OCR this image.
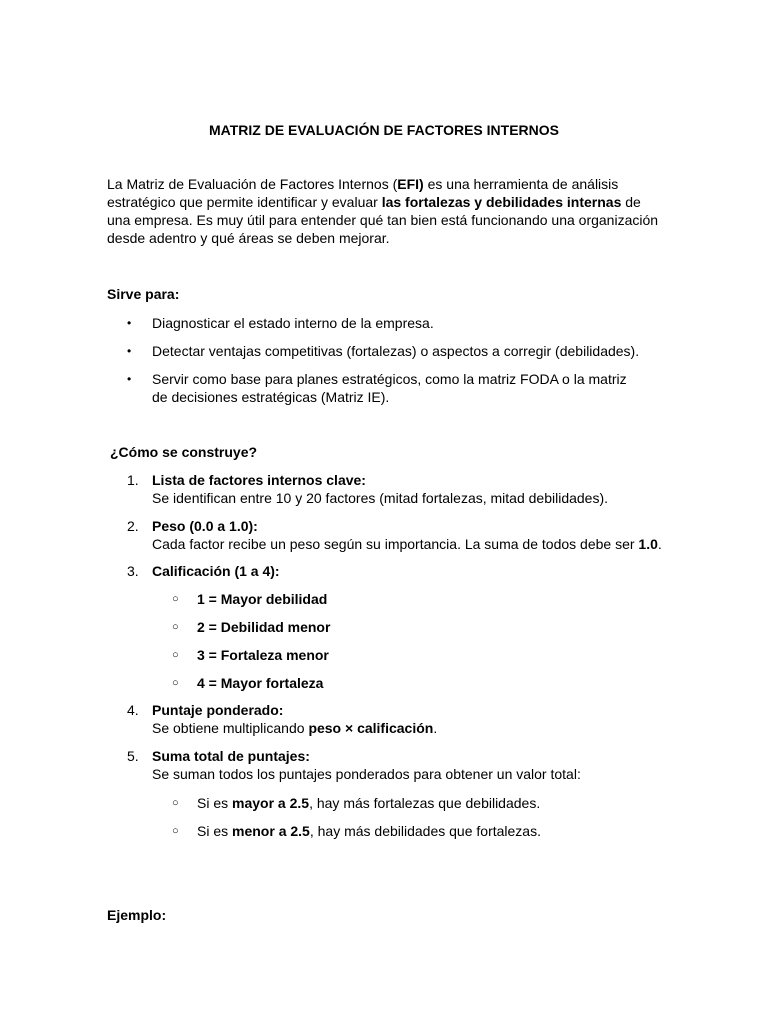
MATRIZ DE EVALUACIÓN DE FACTORES INTERNOS
La Matriz de Evaluación de Factores Internos (EFI) es una herramienta de análisis estratégico que permite identificar y evaluar las fortalezas y debilidades internas de una empresa. Es muy útil para entender qué tan bien está funcionando una organización desde adentro y qué áreas se deben mejorar.
Sirve para:
•	Diagnosticar el estado interno de la empresa.
•	Detectar ventajas competitivas (fortalezas) o aspectos a corregir (debilidades).
•	Servir como base para planes estratégicos, como la matriz FODA o la matriz de decisiones estratégicas (Matriz IE).
¿Cómo se construye?
1. Lista de factores internos clave:
Se identifican entre 10 y 20 factores (mitad fortalezas, mitad debilidades).
2. Peso (0.0 a 1.0):
Cada factor recibe un peso según su importancia. La suma de todos debe ser 1.0.
3. Calificación (1 a 4):
○	1 = Mayor debilidad
○	2 = Debilidad menor
○	3 = Fortaleza menor
○	4 = Mayor fortaleza
4. Puntaje ponderado:
Se obtiene multiplicando peso × calificación.
5. Suma total de puntajes:
Se suman todos los puntajes ponderados para obtener un valor total:
○	Si es mayor a 2.5, hay más fortalezas que debilidades.
○	Si es menor a 2.5, hay más debilidades que fortalezas.
Ejemplo:
